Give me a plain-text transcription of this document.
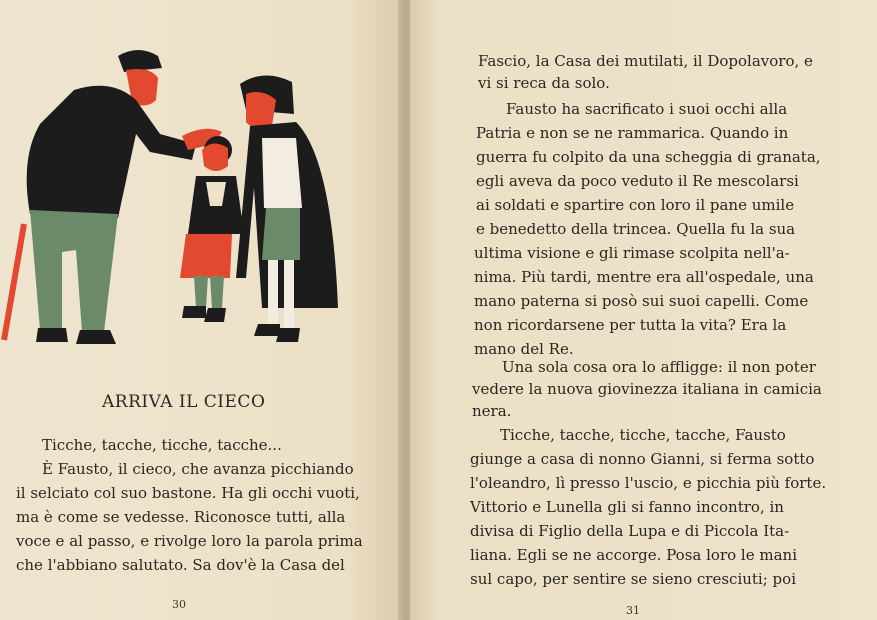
ARRIVA IL CIECO
Ticche, tacche, ticche, tacche...
È Fausto, il cieco, che avanza picchiando
il selciato col suo bastone. Ha gli occhi vuoti,
ma è come se vedesse. Riconosce tutti, alla
voce e al passo, e rivolge loro la parola prima
che l'abbiano salutato. Sa dov'è la Casa del
30
Fascio, la Casa dei mutilati, il Dopolavoro, e
vi si reca da solo.
Fausto ha sacrificato i suoi occhi alla
Patria e non se ne rammarica. Quando in
guerra fu colpito da una scheggia di granata,
egli aveva da poco veduto il Re mescolarsi
ai soldati e spartire con loro il pane umile
e benedetto della trincea. Quella fu la sua
ultima visione e gli rimase scolpita nell'a-
nima. Più tardi, mentre era all'ospedale, una
mano paterna si posò sui suoi capelli. Come
non ricordarsene per tutta la vita? Era la
mano del Re.
Una sola cosa ora lo affligge: il non poter
vedere la nuova giovinezza italiana in camicia
nera.
Ticche, tacche, ticche, tacche, Fausto
giunge a casa di nonno Gianni, si ferma sotto
l'oleandro, lì presso l'uscio, e picchia più forte.
Vittorio e Lunella gli si fanno incontro, in
divisa di Figlio della Lupa e di Piccola Ita-
liana. Egli se ne accorge. Posa loro le mani
sul capo, per sentire se sieno cresciuti; poi
31
